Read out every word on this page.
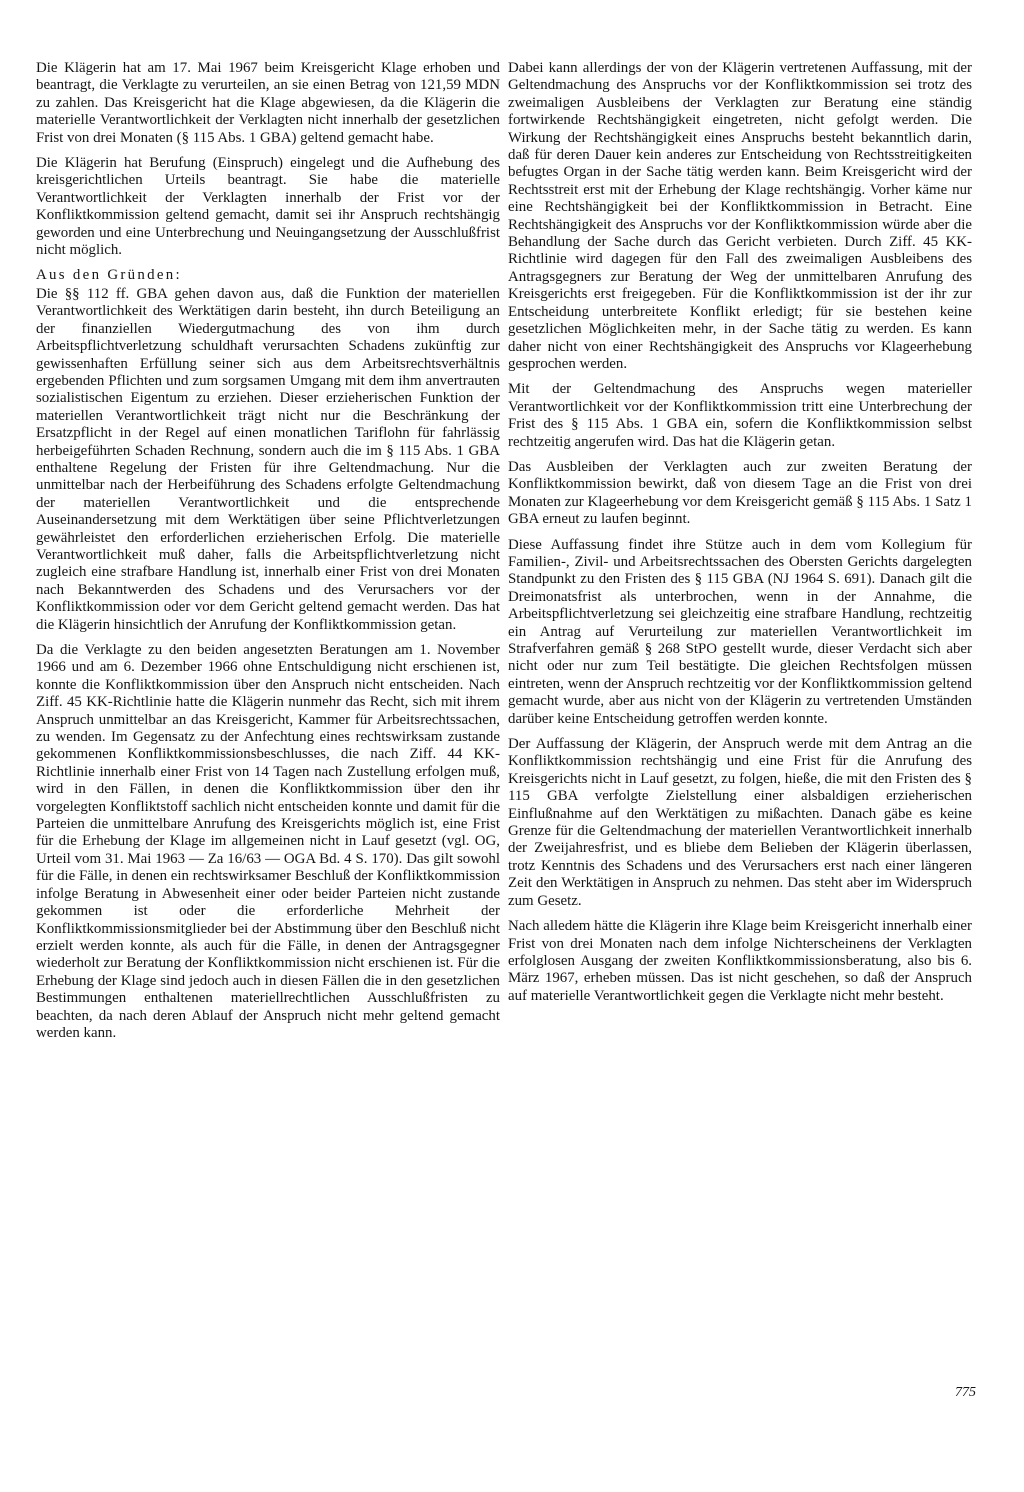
Die Klägerin hat am 17. Mai 1967 beim Kreisgericht Klage erhoben und beantragt, die Verklagte zu verurteilen, an sie einen Betrag von 121,59 MDN zu zahlen. Das Kreisgericht hat die Klage abgewiesen, da die Klägerin die materielle Verantwortlichkeit der Verklagten nicht innerhalb der gesetzlichen Frist von drei Monaten (§ 115 Abs. 1 GBA) geltend gemacht habe.

Die Klägerin hat Berufung (Einspruch) eingelegt und die Aufhebung des kreisgerichtlichen Urteils beantragt. Sie habe die materielle Verantwortlichkeit der Verklagten innerhalb der Frist vor der Konfliktkommission geltend gemacht, damit sei ihr Anspruch rechtshängig geworden und eine Unterbrechung und Neuingangsetzung der Ausschlußfrist nicht möglich.

Aus den Gründen:

Die §§ 112 ff. GBA gehen davon aus, daß die Funktion der materiellen Verantwortlichkeit des Werktätigen darin besteht, ihn durch Beteiligung an der finanziellen Wiedergutmachung des von ihm durch Arbeitspflichtverletzung schuldhaft verursachten Schadens zukünftig zur gewissenhaften Erfüllung seiner sich aus dem Arbeitsrechtsverhältnis ergebenden Pflichten und zum sorgsamen Umgang mit dem ihm anvertrauten sozialistischen Eigentum zu erziehen. Dieser erzieherischen Funktion der materiellen Verantwortlichkeit trägt nicht nur die Beschränkung der Ersatzpflicht in der Regel auf einen monatlichen Tariflohn für fahrlässig herbeigeführten Schaden Rechnung, sondern auch die im § 115 Abs. 1 GBA enthaltene Regelung der Fristen für ihre Geltendmachung. Nur die unmittelbar nach der Herbeiführung des Schadens erfolgte Geltendmachung der materiellen Verantwortlichkeit und die entsprechende Auseinandersetzung mit dem Werktätigen über seine Pflichtverletzungen gewährleistet den erforderlichen erzieherischen Erfolg. Die materielle Verantwortlichkeit muß daher, falls die Arbeitspflichtverletzung nicht zugleich eine strafbare Handlung ist, innerhalb einer Frist von drei Monaten nach Bekanntwerden des Schadens und des Verursachers vor der Konfliktkommission oder vor dem Gericht geltend gemacht werden. Das hat die Klägerin hinsichtlich der Anrufung der Konfliktkommission getan.

Da die Verklagte zu den beiden angesetzten Beratungen am 1. November 1966 und am 6. Dezember 1966 ohne Entschuldigung nicht erschienen ist, konnte die Konfliktkommission über den Anspruch nicht entscheiden. Nach Ziff. 45 KK-Richtlinie hatte die Klägerin nunmehr das Recht, sich mit ihrem Anspruch unmittelbar an das Kreisgericht, Kammer für Arbeitsrechtssachen, zu wenden. Im Gegensatz zu der Anfechtung eines rechtswirksam zustande gekommenen Konfliktkommissionsbeschlusses, die nach Ziff. 44 KK-Richtlinie innerhalb einer Frist von 14 Tagen nach Zustellung erfolgen muß, wird in den Fällen, in denen die Konfliktkommission über den ihr vorgelegten Konfliktstoff sachlich nicht entscheiden konnte und damit für die Parteien die unmittelbare Anrufung des Kreisgerichts möglich ist, eine Frist für die Erhebung der Klage im allgemeinen nicht in Lauf gesetzt (vgl. OG, Urteil vom 31. Mai 1963 — Za 16/63 — OGA Bd. 4 S. 170). Das gilt sowohl für die Fälle, in denen ein rechtswirksamer Beschluß der Konfliktkommission infolge Beratung in Abwesenheit einer oder beider Parteien nicht zustande gekommen ist oder die erforderliche Mehrheit der Konfliktkommissionsmitglieder bei der Abstimmung über den Beschluß nicht erzielt werden konnte, als auch für die Fälle, in denen der Antragsgegner wiederholt zur Beratung der Konfliktkommission nicht erschienen ist. Für die Erhebung der Klage sind jedoch auch in diesen Fällen die in den gesetzlichen Bestimmungen enthaltenen materiellrechtlichen Ausschlußfristen zu beachten, da nach deren Ablauf der Anspruch nicht mehr geltend gemacht werden kann.

Dabei kann allerdings der von der Klägerin vertretenen Auffassung, mit der Geltendmachung des Anspruchs vor der Konfliktkommission sei trotz des zweimaligen Ausbleibens der Verklagten zur Beratung eine ständig fortwirkende Rechtshängigkeit eingetreten, nicht gefolgt werden. Die Wirkung der Rechtshängigkeit eines Anspruchs besteht bekanntlich darin, daß für deren Dauer kein anderes zur Entscheidung von Rechtsstreitigkeiten befugtes Organ in der Sache tätig werden kann. Beim Kreisgericht wird der Rechtsstreit erst mit der Erhebung der Klage rechtshängig. Vorher käme nur eine Rechtshängigkeit bei der Konfliktkommission in Betracht. Eine Rechtshängigkeit des Anspruchs vor der Konfliktkommission würde aber die Behandlung der Sache durch das Gericht verbieten. Durch Ziff. 45 KK-Richtlinie wird dagegen für den Fall des zweimaligen Ausbleibens des Antragsgegners zur Beratung der Weg der unmittelbaren Anrufung des Kreisgerichts erst freigegeben. Für die Konfliktkommission ist der ihr zur Entscheidung unterbreitete Konflikt erledigt; für sie bestehen keine gesetzlichen Möglichkeiten mehr, in der Sache tätig zu werden. Es kann daher nicht von einer Rechtshängigkeit des Anspruchs vor Klageerhebung gesprochen werden.

Mit der Geltendmachung des Anspruchs wegen materieller Verantwortlichkeit vor der Konfliktkommission tritt eine Unterbrechung der Frist des § 115 Abs. 1 GBA ein, sofern die Konfliktkommission selbst rechtzeitig angerufen wird. Das hat die Klägerin getan.

Das Ausbleiben der Verklagten auch zur zweiten Beratung der Konfliktkommission bewirkt, daß von diesem Tage an die Frist von drei Monaten zur Klageerhebung vor dem Kreisgericht gemäß § 115 Abs. 1 Satz 1 GBA erneut zu laufen beginnt.

Diese Auffassung findet ihre Stütze auch in dem vom Kollegium für Familien-, Zivil- und Arbeitsrechtssachen des Obersten Gerichts dargelegten Standpunkt zu den Fristen des § 115 GBA (NJ 1964 S. 691). Danach gilt die Dreimonatsfrist als unterbrochen, wenn in der Annahme, die Arbeitspflichtverletzung sei gleichzeitig eine strafbare Handlung, rechtzeitig ein Antrag auf Verurteilung zur materiellen Verantwortlichkeit im Strafverfahren gemäß § 268 StPO gestellt wurde, dieser Verdacht sich aber nicht oder nur zum Teil bestätigte. Die gleichen Rechtsfolgen müssen eintreten, wenn der Anspruch rechtzeitig vor der Konfliktkommission geltend gemacht wurde, aber aus nicht von der Klägerin zu vertretenden Umständen darüber keine Entscheidung getroffen werden konnte.

Der Auffassung der Klägerin, der Anspruch werde mit dem Antrag an die Konfliktkommission rechtshängig und eine Frist für die Anrufung des Kreisgerichts nicht in Lauf gesetzt, zu folgen, hieße, die mit den Fristen des § 115 GBA verfolgte Zielstellung einer alsbaldigen erzieherischen Einflußnahme auf den Werktätigen zu mißachten. Danach gäbe es keine Grenze für die Geltendmachung der materiellen Verantwortlichkeit innerhalb der Zweijahresfrist, und es bliebe dem Belieben der Klägerin überlassen, trotz Kenntnis des Schadens und des Verursachers erst nach einer längeren Zeit den Werktätigen in Anspruch zu nehmen. Das steht aber im Widerspruch zum Gesetz.

Nach alledem hätte die Klägerin ihre Klage beim Kreisgericht innerhalb einer Frist von drei Monaten nach dem infolge Nichterscheinens der Verklagten erfolglosen Ausgang der zweiten Konfliktkommissionsberatung, also bis 6. März 1967, erheben müssen. Das ist nicht geschehen, so daß der Anspruch auf materielle Verantwortlichkeit gegen die Verklagte nicht mehr besteht.

775
